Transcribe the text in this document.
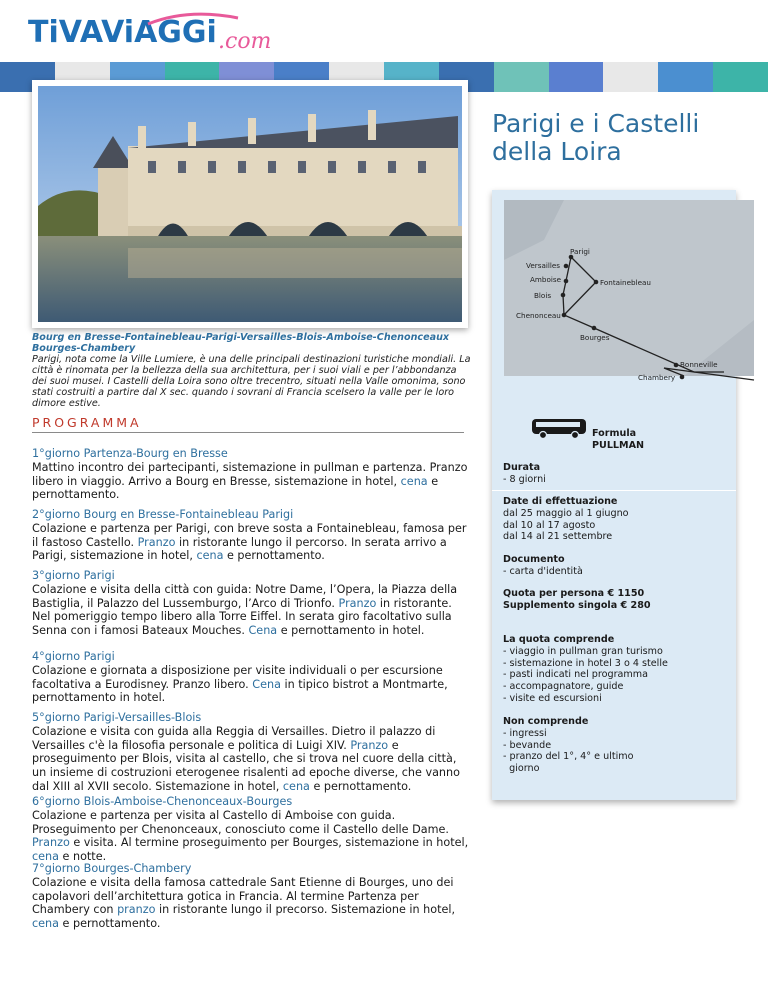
TiVAViAGGi .com
Parigi e i Castelli della Loira
Bourg en Bresse-Fontainebleau-Parigi-Versailles-Blois-Amboise-Chenonceaux Bourges-Chambery
Parigi, nota come la Ville Lumiere, è una delle principali destinazioni turistiche mondiali. La città è rinomata per la bellezza della sua architettura, per i suoi viali e per l’abbondanza dei suoi musei. I Castelli della Loira sono oltre trecentro, situati nella Valle omonima, sono stati costruiti a partire dal X sec. quando i sovrani di Francia scelsero la valle per le loro dimore estive.
PROGRAMMA
1°giorno Partenza-Bourg en Bresse
Mattino incontro dei partecipanti, sistemazione in pullman e partenza. Pranzo libero in viaggio. Arrivo a Bourg en Bresse, sistemazione in hotel, cena e pernottamento.
2°giorno Bourg en Bresse-Fontainebleau Parigi
Colazione e partenza per Parigi, con breve sosta a Fontainebleau, famosa per il fastoso Castello. Pranzo in ristorante lungo il percorso. In serata arrivo a Parigi, sistemazione in hotel, cena e pernottamento.
3°giorno Parigi
Colazione e visita della città con guida: Notre Dame, l’Opera, la Piazza della Bastiglia, il Palazzo del Lussemburgo, l’Arco di Trionfo. Pranzo in ristorante. Nel pomeriggio tempo libero alla Torre Eiffel. In serata giro facoltativo sulla Senna con i famosi Bateaux Mouches. Cena e pernottamento in hotel.
4°giorno Parigi
Colazione e giornata a disposizione per visite individuali o per escursione facoltativa a Eurodisney. Pranzo libero. Cena in tipico bistrot a Montmarte, pernottamento in hotel.
5°giorno Parigi-Versailles-Blois
Colazione e visita con guida alla Reggia di Versailles. Dietro il palazzo di Versailles c'è la filosofia personale e politica di Luigi XIV. Pranzo e proseguimento per Blois, visita al castello, che si trova nel cuore della città, un insieme di costruzioni eterogenee risalenti ad epoche diverse, che vanno dal XIII al XVII secolo. Sistemazione in hotel, cena e pernottamento.
6°giorno Blois-Amboise-Chenonceaux-Bourges
Colazione e partenza per visita al Castello di Amboise con guida. Proseguimento per Chenonceaux, conosciuto come il Castello delle Dame. Pranzo e visita. Al termine proseguimento per Bourges, sistemazione in hotel, cena e notte.
7°giorno Bourges-Chambery
Colazione e visita della famosa cattedrale Sant Etienne di Bourges, uno dei capolavori dell’architettura gotica in Francia. Al termine Partenza per Chambery con pranzo in ristorante lungo il precorso. Sistemazione in hotel, cena e pernottamento.
Parigi
Versailles
Amboise	Fontainebleau
Blois
Chenonceau
Bourges
Bonneville
Chambery
Formula
PULLMAN
Durata
- 8 giorni
Date di effettuazione
dal 25 maggio al 1 giugno
dal 10 al 17 agosto
dal 14 al 21 settembre
Documento
- carta d'identità
Quota per persona € 1150
Supplemento singola € 280
La quota comprende
- viaggio in pullman gran turismo
- sistemazione in hotel 3 o 4 stelle
- pasti indicati nel programma
- accompagnatore, guide
- visite ed escursioni
Non comprende
- ingressi
- bevande
- pranzo del 1°, 4° e ultimo
giorno
